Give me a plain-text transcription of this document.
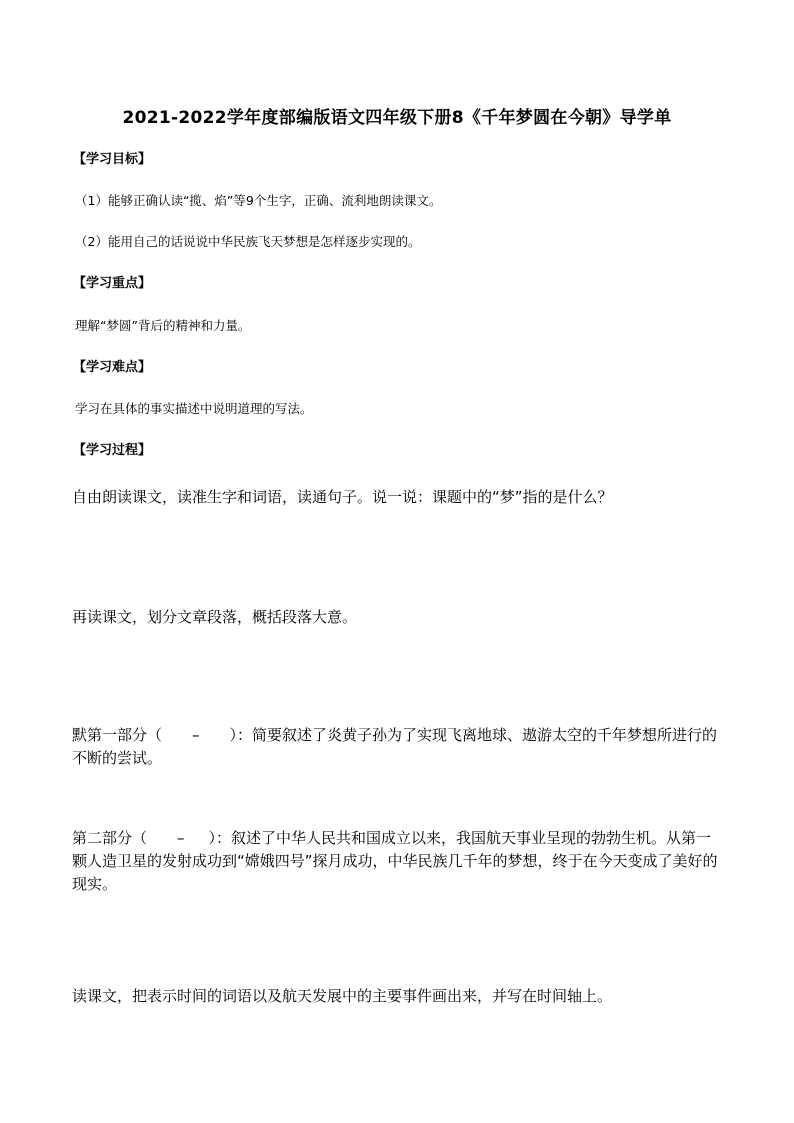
2021-2022学年度部编版语文四年级下册8《千年梦圆在今朝》导学单
【学习目标】
（1）能够正确认读“揽、焰”等9个生字，正确、流利地朗读课文。
（2）能用自己的话说说中华民族飞天梦想是怎样逐步实现的。
【学习重点】
理解“梦圆”背后的精神和力量。
【学习难点】
学习在具体的事实描述中说明道理的写法。
【学习过程】
自由朗读课文，读准生字和词语，读通句子。说一说：课题中的“梦”指的是什么？
再读课文，划分文章段落，概括段落大意。
默第一部分（ – ）：简要叙述了炎黄子孙为了实现飞离地球、遨游太空的千年梦想所进行的不断的尝试。
第二部分（ – ）：叙述了中华人民共和国成立以来，我国航天事业呈现的勃勃生机。从第一颗人造卫星的发射成功到“嫦娥四号”探月成功，中华民族几千年的梦想，终于在今天变成了美好的现实。
读课文，把表示时间的词语以及航天发展中的主要事件画出来，并写在时间轴上。
